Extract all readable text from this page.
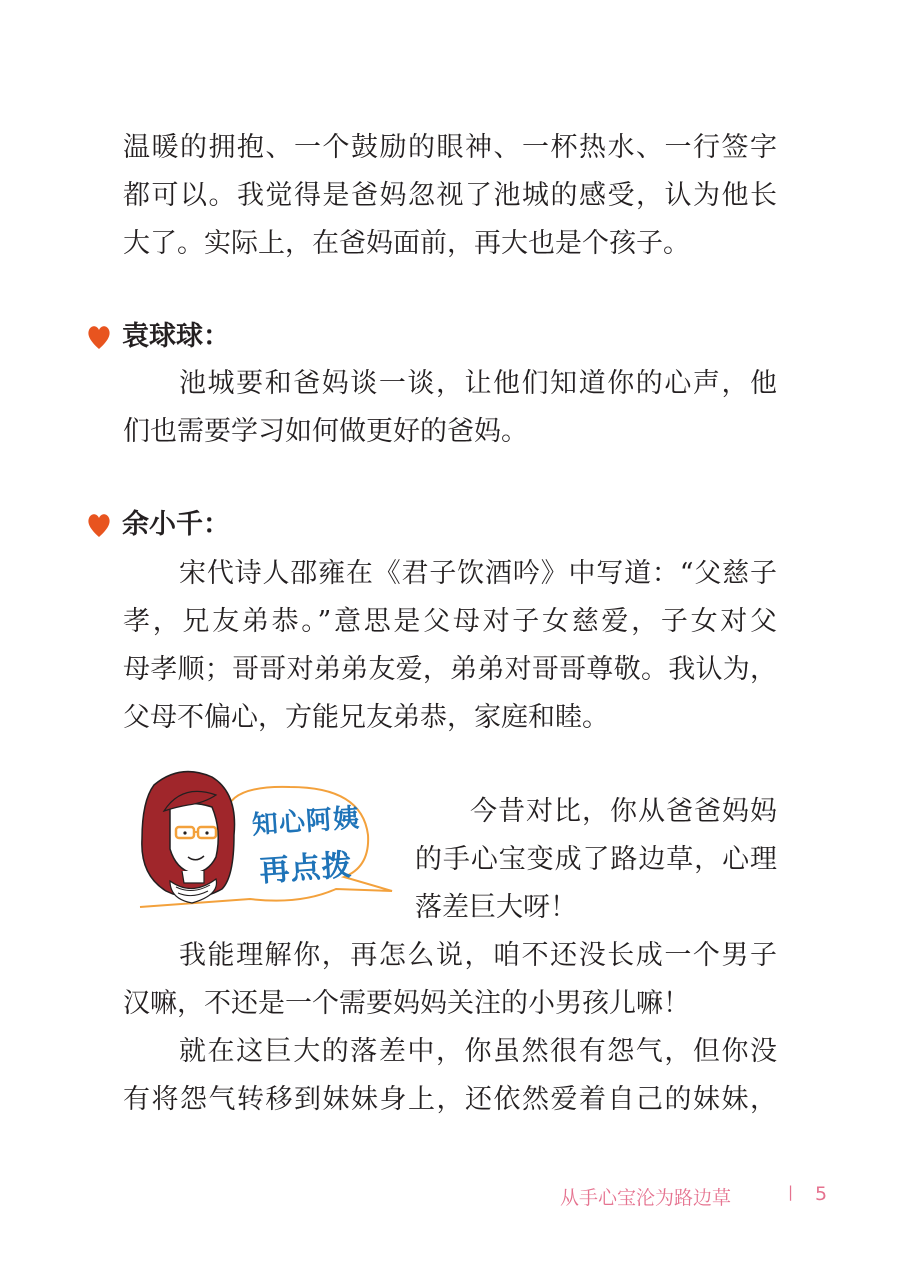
温暖的拥抱、一个鼓励的眼神、一杯热水、一行签字

都可以。我觉得是爸妈忽视了池城的感受，认为他长

大了。实际上，在爸妈面前，再大也是个孩子。

袁球球：

池城要和爸妈谈一谈，让他们知道你的心声，他

们也需要学习如何做更好的爸妈。

余小千：

宋代诗人邵雍在《君子饮酒吟》中写道：“父慈子

孝，兄友弟恭。”意思是父母对子女慈爱，子女对父

母孝顺；哥哥对弟弟友爱，弟弟对哥哥尊敬。我认为，

父母不偏心，方能兄友弟恭，家庭和睦。

知心阿姨
再点拨

今昔对比，你从爸爸妈妈

的手心宝变成了路边草，心理

落差巨大呀！

我能理解你，再怎么说，咱不还没长成一个男子

汉嘛，不还是一个需要妈妈关注的小男孩儿嘛！

就在这巨大的落差中，你虽然很有怨气，但你没

有将怨气转移到妹妹身上，还依然爱着自己的妹妹，

从手心宝沦为路边草	| 5
